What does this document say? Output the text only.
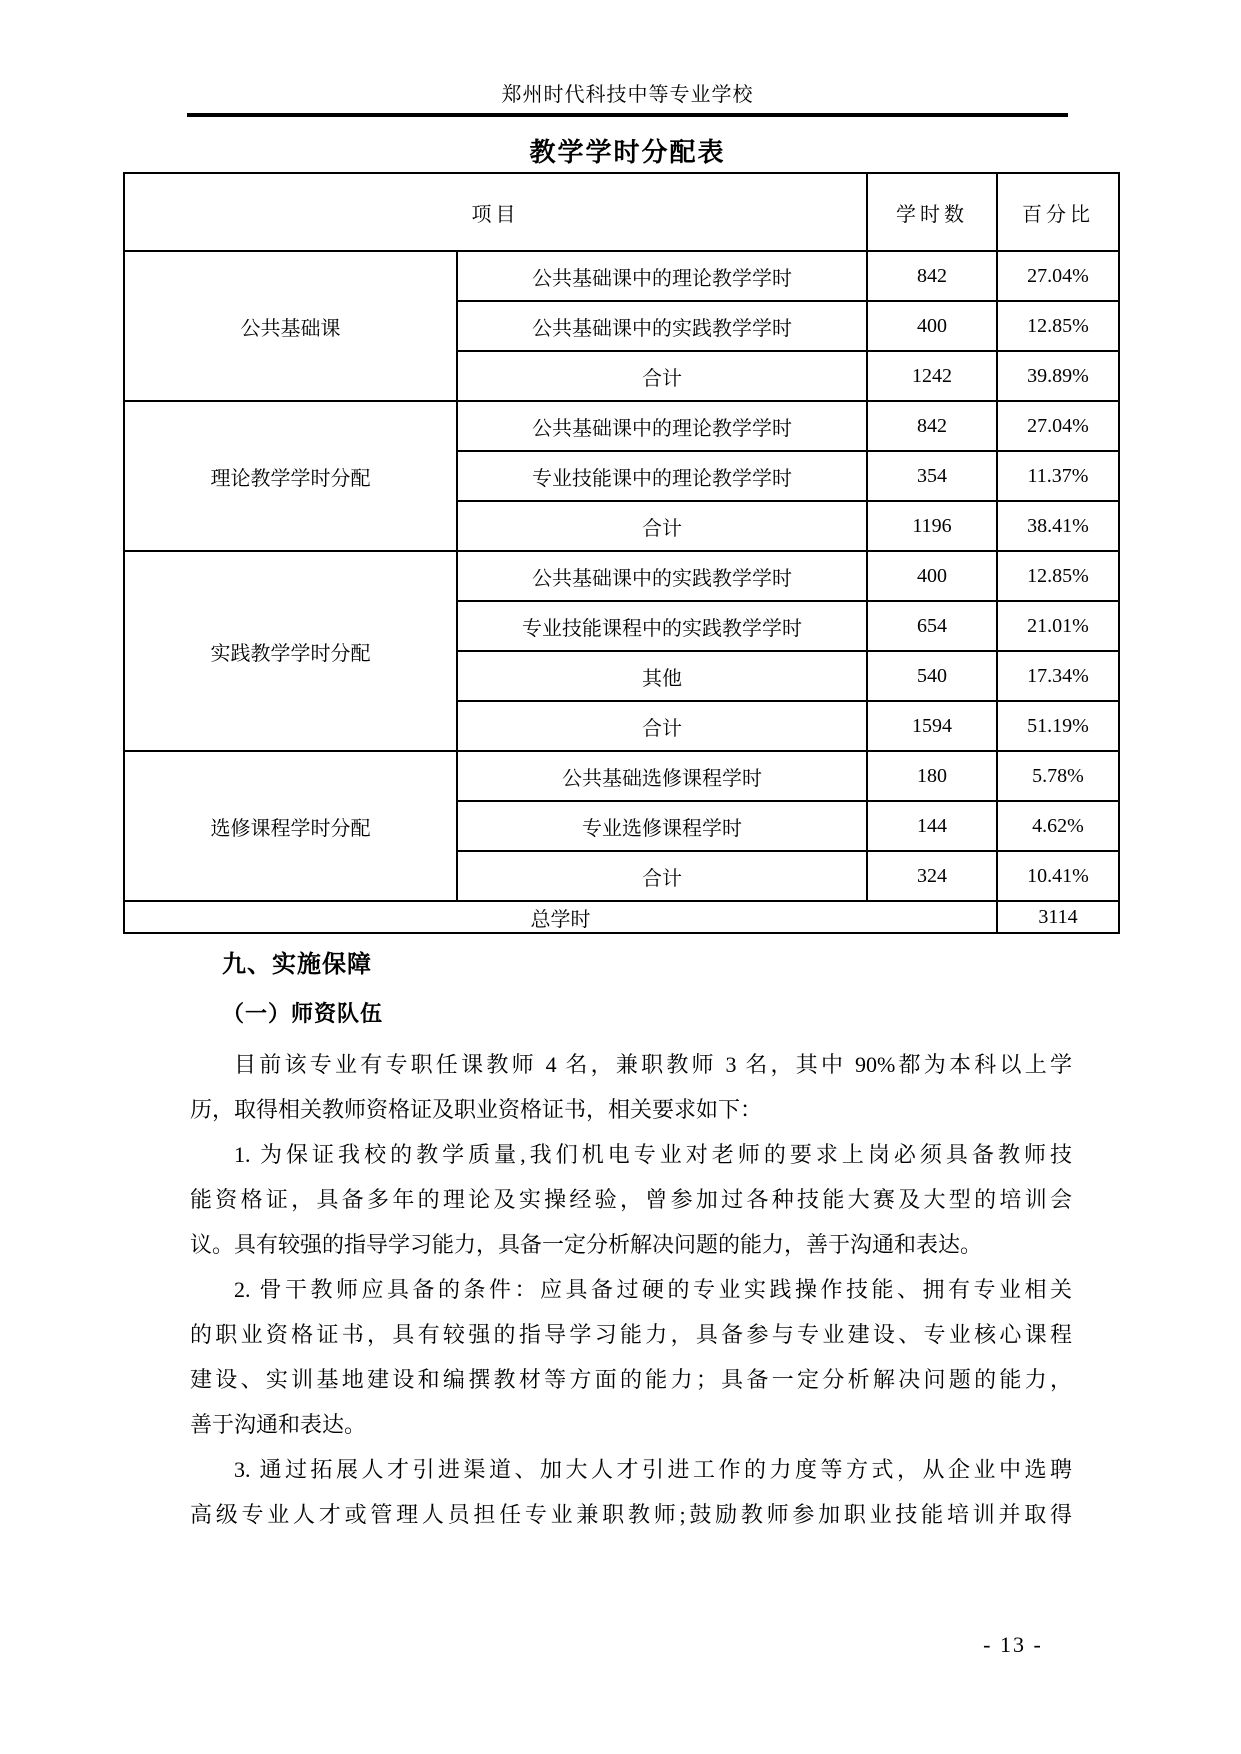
郑州时代科技中等专业学校
教学学时分配表
项目		学时数	百分比
公共基础课	公共基础课中的理论教学学时	842	27.04%
	公共基础课中的实践教学学时	400	12.85%
	合计	1242	39.89%
理论教学学时分配	公共基础课中的理论教学学时	842	27.04%
	专业技能课中的理论教学学时	354	11.37%
	合计	1196	38.41%
实践教学学时分配	公共基础课中的实践教学学时	400	12.85%
	专业技能课程中的实践教学学时	654	21.01%
	其他	540	17.34%
	合计	1594	51.19%
选修课程学时分配	公共基础选修课程学时	180	5.78%
	专业选修课程学时	144	4.62%
	合计	324	10.41%
总学时			3114
九、实施保障
（一）师资队伍
目前该专业有专职任课教师 4 名，兼职教师 3 名，其中 90%都为本科以上学
历，取得相关教师资格证及职业资格证书，相关要求如下：
1. 为保证我校的教学质量,我们机电专业对老师的要求上岗必须具备教师技
能资格证，具备多年的理论及实操经验，曾参加过各种技能大赛及大型的培训会
议。具有较强的指导学习能力，具备一定分析解决问题的能力，善于沟通和表达。
2. 骨干教师应具备的条件：应具备过硬的专业实践操作技能、拥有专业相关
的职业资格证书，具有较强的指导学习能力，具备参与专业建设、专业核心课程
建设、实训基地建设和编撰教材等方面的能力；具备一定分析解决问题的能力，
善于沟通和表达。
3. 通过拓展人才引进渠道、加大人才引进工作的力度等方式，从企业中选聘
高级专业人才或管理人员担任专业兼职教师;鼓励教师参加职业技能培训并取得
- 13 -
